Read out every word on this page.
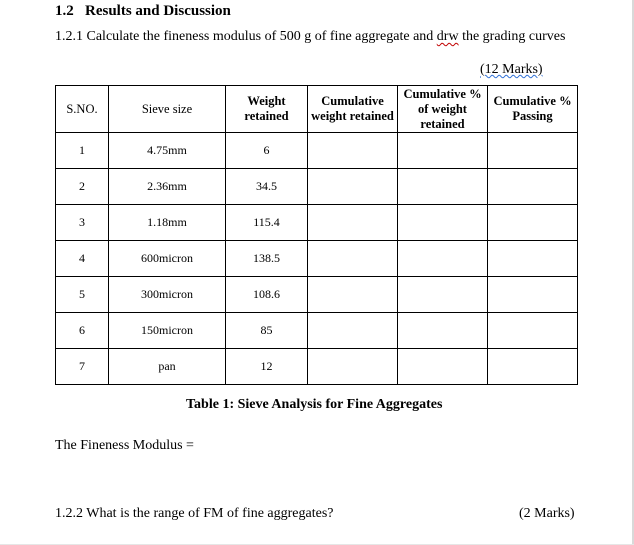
1.2   Results and Discussion
1.2.1 Calculate the fineness modulus of 500 g of fine aggregate and drw the grading curves
(12 Marks)
S.NO.	Sieve size	Weight retained	Cumulative weight retained	Cumulative % of weight retained	Cumulative % Passing
1	4.75mm	6			
2	2.36mm	34.5			
3	1.18mm	115.4			
4	600micron	138.5			
5	300micron	108.6			
6	150micron	85			
7	pan	12			
Table 1: Sieve Analysis for Fine Aggregates
The Fineness Modulus =
1.2.2 What is the range of FM of fine aggregates?	(2 Marks)
